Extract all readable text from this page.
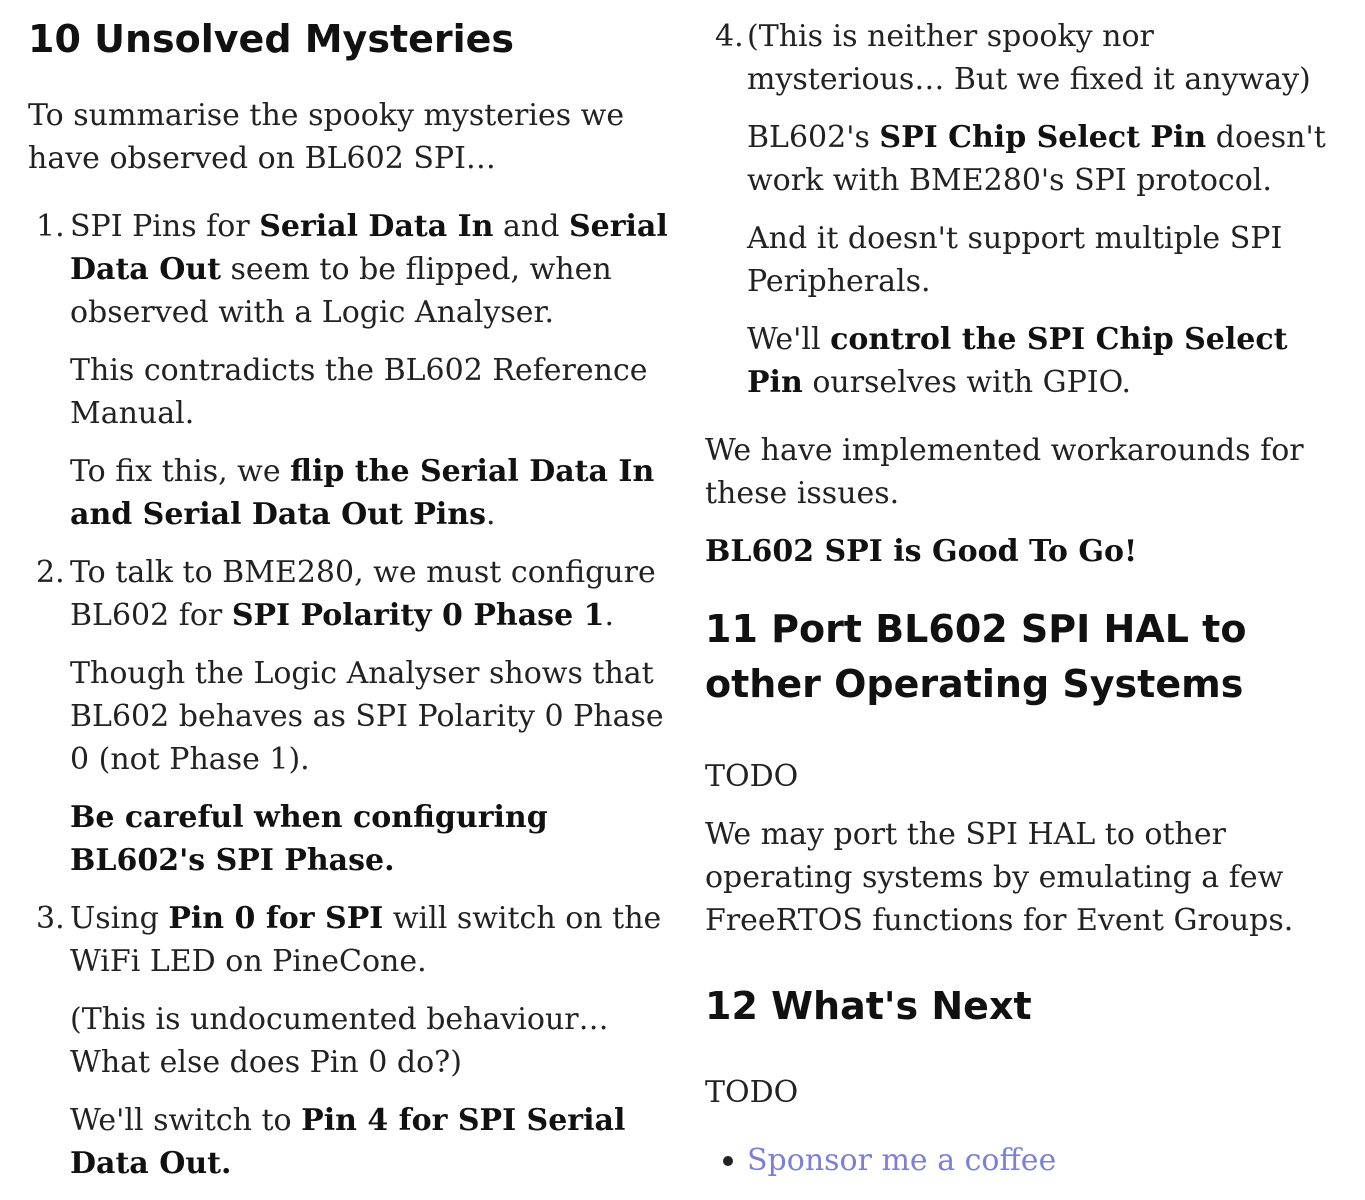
10 Unsolved Mysteries

To summarise the spooky mysteries we have observed on BL602 SPI…

1. SPI Pins for Serial Data In and Serial Data Out seem to be flipped, when observed with a Logic Analyser.

This contradicts the BL602 Reference Manual.

To fix this, we flip the Serial Data In and Serial Data Out Pins.

2. To talk to BME280, we must configure BL602 for SPI Polarity 0 Phase 1.

Though the Logic Analyser shows that BL602 behaves as SPI Polarity 0 Phase 0 (not Phase 1).

Be careful when configuring BL602's SPI Phase.

3. Using Pin 0 for SPI will switch on the WiFi LED on PineCone.

(This is undocumented behaviour… What else does Pin 0 do?)

We'll switch to Pin 4 for SPI Serial Data Out.

4. (This is neither spooky nor mysterious… But we fixed it anyway)

BL602's SPI Chip Select Pin doesn't work with BME280's SPI protocol.

And it doesn't support multiple SPI Peripherals.

We'll control the SPI Chip Select Pin ourselves with GPIO.

We have implemented workarounds for these issues.

BL602 SPI is Good To Go!

11 Port BL602 SPI HAL to other Operating Systems

TODO

We may port the SPI HAL to other operating systems by emulating a few FreeRTOS functions for Event Groups.

12 What's Next

TODO

Sponsor me a coffee
